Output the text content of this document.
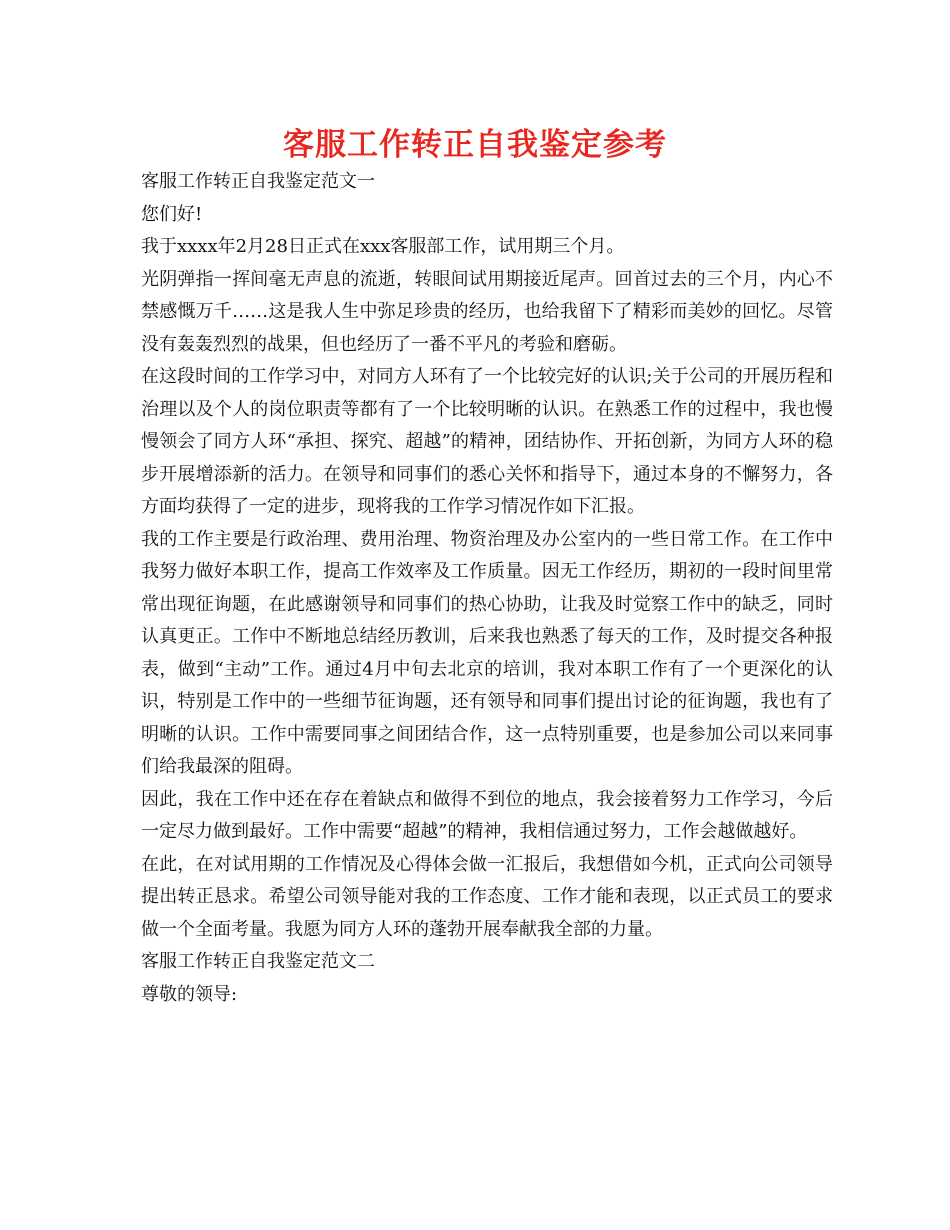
客服工作转正自我鉴定参考

客服工作转正自我鉴定范文一

您们好!

我于xxxx年2月28日正式在xxx客服部工作，试用期三个月。

光阴弹指一挥间毫无声息的流逝，转眼间试用期接近尾声。回首过去的三个月，内心不禁感慨万千……这是我人生中弥足珍贵的经历，也给我留下了精彩而美妙的回忆。尽管没有轰轰烈烈的战果，但也经历了一番不平凡的考验和磨砺。

在这段时间的工作学习中，对同方人环有了一个比较完好的认识;关于公司的开展历程和治理以及个人的岗位职责等都有了一个比较明晰的认识。在熟悉工作的过程中，我也慢慢领会了同方人环“承担、探究、超越”的精神，团结协作、开拓创新，为同方人环的稳步开展增添新的活力。在领导和同事们的悉心关怀和指导下，通过本身的不懈努力，各方面均获得了一定的进步，现将我的工作学习情况作如下汇报。

我的工作主要是行政治理、费用治理、物资治理及办公室内的一些日常工作。在工作中我努力做好本职工作，提高工作效率及工作质量。因无工作经历，期初的一段时间里常常出现征询题，在此感谢领导和同事们的热心协助，让我及时觉察工作中的缺乏，同时认真更正。工作中不断地总结经历教训，后来我也熟悉了每天的工作，及时提交各种报表，做到“主动”工作。通过4月中旬去北京的培训，我对本职工作有了一个更深化的认识，特别是工作中的一些细节征询题，还有领导和同事们提出讨论的征询题，我也有了明晰的认识。工作中需要同事之间团结合作，这一点特别重要，也是参加公司以来同事们给我最深的阻碍。

因此，我在工作中还在存在着缺点和做得不到位的地点，我会接着努力工作学习，今后一定尽力做到最好。工作中需要“超越”的精神，我相信通过努力，工作会越做越好。

在此，在对试用期的工作情况及心得体会做一汇报后，我想借如今机，正式向公司领导提出转正恳求。希望公司领导能对我的工作态度、工作才能和表现，以正式员工的要求做一个全面考量。我愿为同方人环的蓬勃开展奉献我全部的力量。

客服工作转正自我鉴定范文二

尊敬的领导:
